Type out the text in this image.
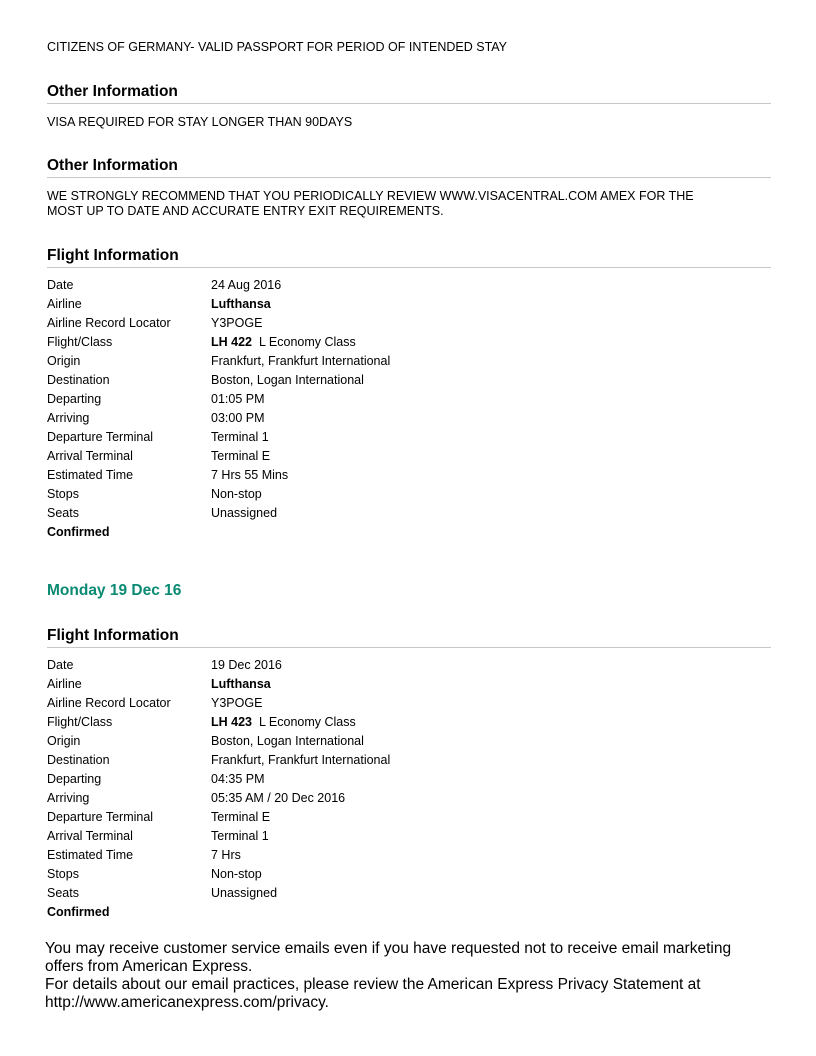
CITIZENS OF GERMANY- VALID PASSPORT FOR PERIOD OF INTENDED STAY
Other Information
VISA REQUIRED FOR STAY LONGER THAN 90DAYS
Other Information
WE STRONGLY RECOMMEND THAT YOU PERIODICALLY REVIEW WWW.VISACENTRAL.COM AMEX FOR THE
MOST UP TO DATE AND ACCURATE ENTRY EXIT REQUIREMENTS.
Flight Information
Date	24 Aug 2016
Airline	Lufthansa
Airline Record Locator	Y3POGE
Flight/Class	LH 422 L Economy Class
Origin	Frankfurt, Frankfurt International
Destination	Boston, Logan International
Departing	01:05 PM
Arriving	03:00 PM
Departure Terminal	Terminal 1
Arrival Terminal	Terminal E
Estimated Time	7 Hrs 55 Mins
Stops	Non-stop
Seats	Unassigned
Confirmed
Monday 19 Dec 16
Flight Information
Date	19 Dec 2016
Airline	Lufthansa
Airline Record Locator	Y3POGE
Flight/Class	LH 423 L Economy Class
Origin	Boston, Logan International
Destination	Frankfurt, Frankfurt International
Departing	04:35 PM
Arriving	05:35 AM / 20 Dec 2016
Departure Terminal	Terminal E
Arrival Terminal	Terminal 1
Estimated Time	7 Hrs
Stops	Non-stop
Seats	Unassigned
Confirmed
You may receive customer service emails even if you have requested not to receive email marketing
offers from American Express.
For details about our email practices, please review the American Express Privacy Statement at
http://www.americanexpress.com/privacy.
